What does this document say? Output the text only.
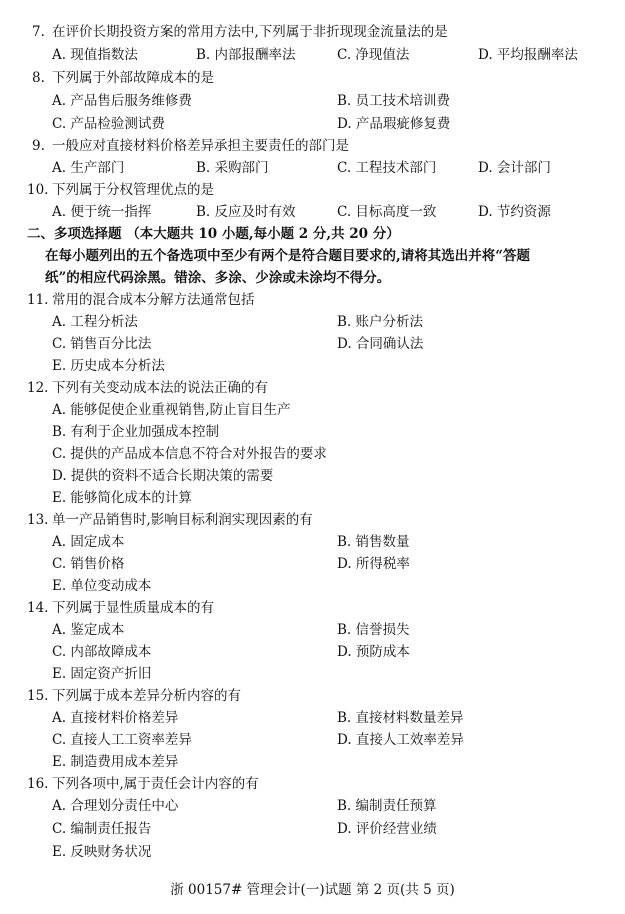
7. 在评价长期投资方案的常用方法中,下列属于非折现现金流量法的是
A. 现值指数法	B. 内部报酬率法	C. 净现值法	D. 平均报酬率法
8. 下列属于外部故障成本的是
A. 产品售后服务维修费	B. 员工技术培训费
C. 产品检验测试费	D. 产品瑕疵修复费
9. 一般应对直接材料价格差异承担主要责任的部门是
A. 生产部门	B. 采购部门	C. 工程技术部门	D. 会计部门
10. 下列属于分权管理优点的是
A. 便于统一指挥	B. 反应及时有效	C. 目标高度一致	D. 节约资源
二、多项选择题 （本大题共 10 小题,每小题 2 分,共 20 分）
在每小题列出的五个备选项中至少有两个是符合题目要求的,请将其选出并将“答题
纸”的相应代码涂黑。错涂、多涂、少涂或未涂均不得分。
11. 常用的混合成本分解方法通常包括
A. 工程分析法	B. 账户分析法
C. 销售百分比法	D. 合同确认法
E. 历史成本分析法
12. 下列有关变动成本法的说法正确的有
A. 能够促使企业重视销售,防止盲目生产
B. 有利于企业加强成本控制
C. 提供的产品成本信息不符合对外报告的要求
D. 提供的资料不适合长期决策的需要
E. 能够简化成本的计算
13. 单一产品销售时,影响目标利润实现因素的有
A. 固定成本	B. 销售数量
C. 销售价格	D. 所得税率
E. 单位变动成本
14. 下列属于显性质量成本的有
A. 鉴定成本	B. 信誉损失
C. 内部故障成本	D. 预防成本
E. 固定资产折旧
15. 下列属于成本差异分析内容的有
A. 直接材料价格差异	B. 直接材料数量差异
C. 直接人工工资率差异	D. 直接人工效率差异
E. 制造费用成本差异
16. 下列各项中,属于责任会计内容的有
A. 合理划分责任中心	B. 编制责任预算
C. 编制责任报告	D. 评价经营业绩
E. 反映财务状况
浙 00157# 管理会计(一)试题 第 2 页(共 5 页)
